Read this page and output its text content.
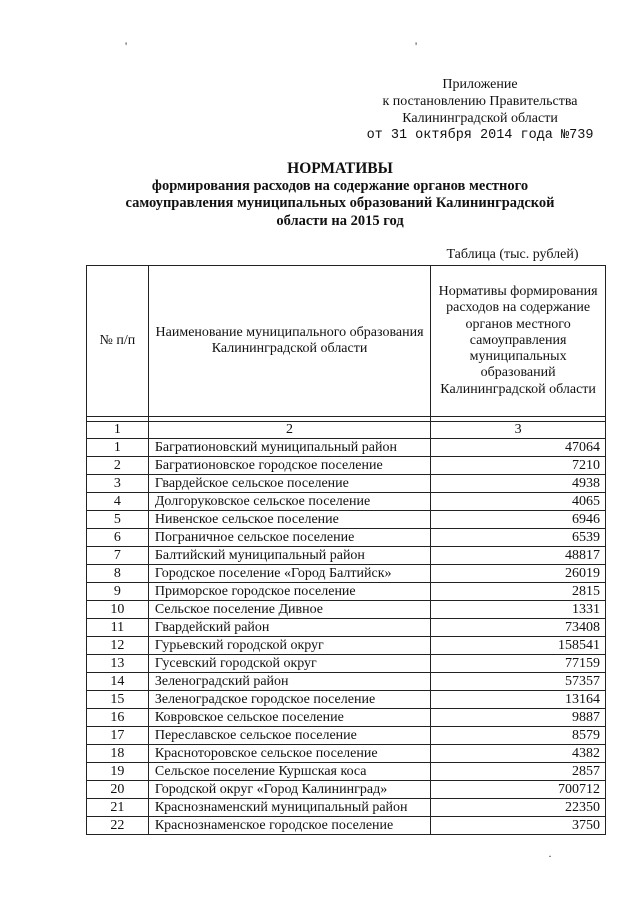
'	'
·
Приложение
к постановлению Правительства
Калининградской области
от 31 октября 2014 года №739
НОРМАТИВЫ
формирования расходов на содержание органов местного
самоуправления муниципальных образований Калининградской
области на 2015 год
Таблица (тыс. рублей)
№ п/п	Наименование муниципального образования Калининградской области	Нормативы формирования расходов на содержание органов местного самоуправления муниципальных образований Калининградской области

1	2	3
1	Багратионовский муниципальный район	47064
2	Багратионовское городское поселение	7210
3	Гвардейское сельское поселение	4938
4	Долгоруковское сельское поселение	4065
5	Нивенское сельское поселение	6946
6	Пограничное сельское поселение	6539
7	Балтийский муниципальный район	48817
8	Городское поселение «Город Балтийск»	26019
9	Приморское городское поселение	2815
10	Сельское поселение Дивное	1331
11	Гвардейский район	73408
12	Гурьевский городской округ	158541
13	Гусевский городской округ	77159
14	Зеленоградский район	57357
15	Зеленоградское городское поселение	13164
16	Ковровское сельское поселение	9887
17	Переславское сельское поселение	8579
18	Красноторовское сельское поселение	4382
19	Сельское поселение Куршская коса	2857
20	Городской округ «Город Калининград»	700712
21	Краснознаменский муниципальный район	22350
22	Краснознаменское городское поселение	3750
